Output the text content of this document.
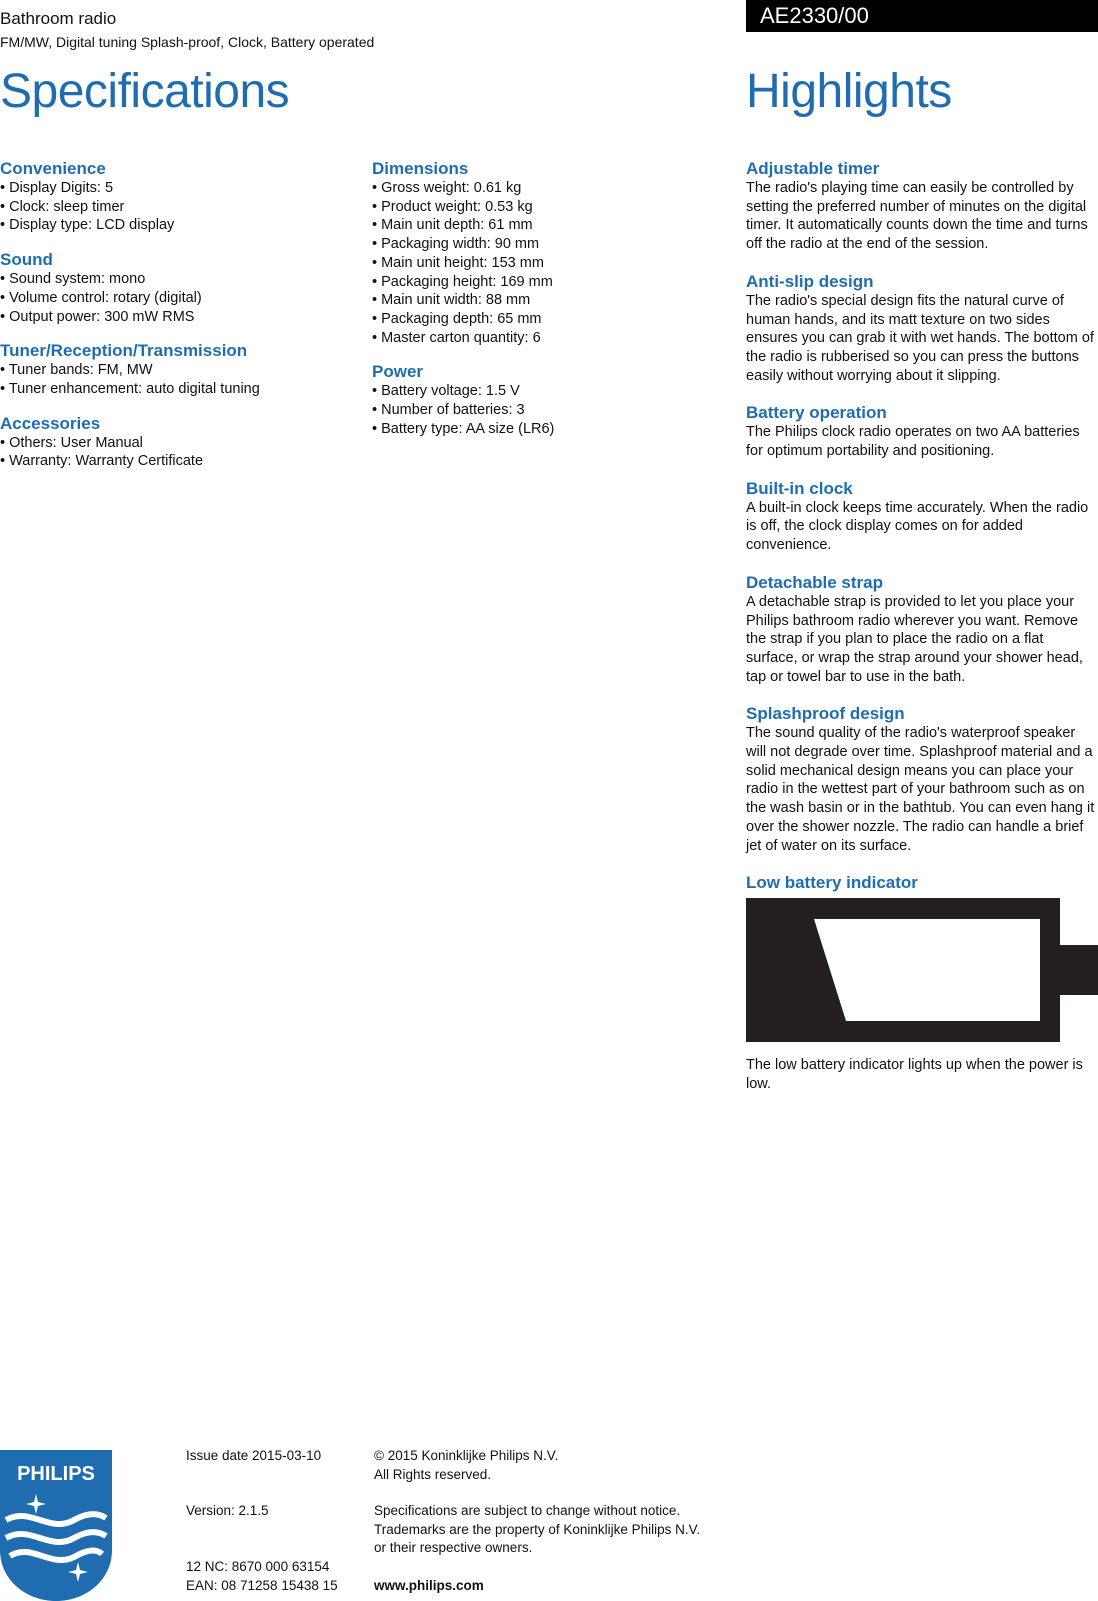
Bathroom radio
FM/MW, Digital tuning Splash-proof, Clock, Battery operated
AE2330/00
Specifications	Highlights
Convenience
• Display Digits: 5
• Clock: sleep timer
• Display type: LCD display
Sound
• Sound system: mono
• Volume control: rotary (digital)
• Output power: 300 mW RMS
Tuner/Reception/Transmission
• Tuner bands: FM, MW
• Tuner enhancement: auto digital tuning
Accessories
• Others: User Manual
• Warranty: Warranty Certificate
Dimensions
• Gross weight: 0.61 kg
• Product weight: 0.53 kg
• Main unit depth: 61 mm
• Packaging width: 90 mm
• Main unit height: 153 mm
• Packaging height: 169 mm
• Main unit width: 88 mm
• Packaging depth: 65 mm
• Master carton quantity: 6
Power
• Battery voltage: 1.5 V
• Number of batteries: 3
• Battery type: AA size (LR6)
Adjustable timer

The radio's playing time can easily be controlled by setting the preferred number of minutes on the digital timer. It automatically counts down the time and turns off the radio at the end of the session.

Anti-slip design

The radio's special design fits the natural curve of human hands, and its matt texture on two sides ensures you can grab it with wet hands. The bottom of the radio is rubberised so you can press the buttons easily without worrying about it slipping.

Battery operation

The Philips clock radio operates on two AA batteries for optimum portability and positioning.

Built-in clock

A built-in clock keeps time accurately. When the radio is off, the clock display comes on for added convenience.

Detachable strap

A detachable strap is provided to let you place your Philips bathroom radio wherever you want. Remove the strap if you plan to place the radio on a flat surface, or wrap the strap around your shower head, tap or towel bar to use in the bath.

Splashproof design

The sound quality of the radio's waterproof speaker will not degrade over time. Splashproof material and a solid mechanical design means you can place your radio in the wettest part of your bathroom such as on the wash basin or in the bathtub. You can even hang it over the shower nozzle. The radio can handle a brief jet of water on its surface.

Low battery indicator
The low battery indicator lights up when the power is low.
PHILIPS
Issue date 2015-03-10
Version: 2.1.5
12 NC: 8670 000 63154
EAN: 08 71258 15438 15
© 2015 Koninklijke Philips N.V.
All Rights reserved.
Specifications are subject to change without notice.
Trademarks are the property of Koninklijke Philips N.V.
or their respective owners.
www.philips.com
